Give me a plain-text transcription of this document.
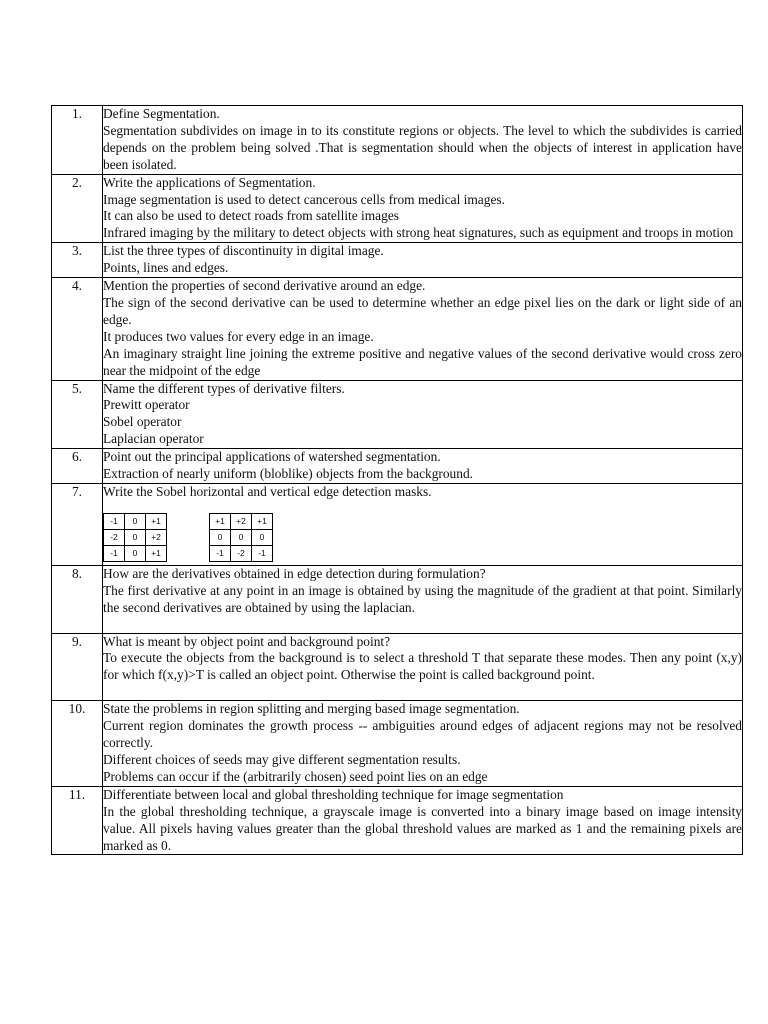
1.	Define Segmentation.
Segmentation subdivides on image in to its constitute regions or objects. The level to which the subdivides is carried depends on the problem being solved .That is segmentation should when the objects of interest in application have been isolated.

2.	Write the applications of Segmentation.
Image segmentation is used to detect cancerous cells from medical images.
It can also be used to detect roads from satellite images
Infrared imaging by the military to detect objects with strong heat signatures, such as equipment and troops in motion

3.	List the three types of discontinuity in digital image.
Points, lines and edges.

4.	Mention the properties of second derivative around an edge.
The sign of the second derivative can be used to determine whether an edge pixel lies on the dark or light side of an edge.
It produces two values for every edge in an image.
An imaginary straight line joining the extreme positive and negative values of the second derivative would cross zero near the midpoint of the edge

5.	Name the different types of derivative filters.
Prewitt operator
Sobel operator
Laplacian operator

6.	Point out the principal applications of watershed segmentation.
Extraction of nearly uniform (bloblike) objects from the background.

7.	Write the Sobel horizontal and vertical edge detection masks.
-1	0	+1
-2	0	+2
-1	0	+1
+1	+2	+1
0	0	0
-1	-2	-1

8.	How are the derivatives obtained in edge detection during formulation?
The first derivative at any point in an image is obtained by using the magnitude of the gradient at that point. Similarly the second derivatives are obtained by using the laplacian.

9.	What is meant by object point and background point?
To execute the objects from the background is to select a threshold T that separate these modes. Then any point (x,y) for which f(x,y)>T is called an object point. Otherwise the point is called background point.

10.	State the problems in region splitting and merging based image segmentation.
Current region dominates the growth process -- ambiguities around edges of adjacent regions may not be resolved correctly.
Different choices of seeds may give different segmentation results.
Problems can occur if the (arbitrarily chosen) seed point lies on an edge

11.	Differentiate between local and global thresholding technique for image segmentation
In the global thresholding technique, a grayscale image is converted into a binary image based on image intensity value. All pixels having values greater than the global threshold values are marked as 1 and the remaining pixels are marked as 0.
